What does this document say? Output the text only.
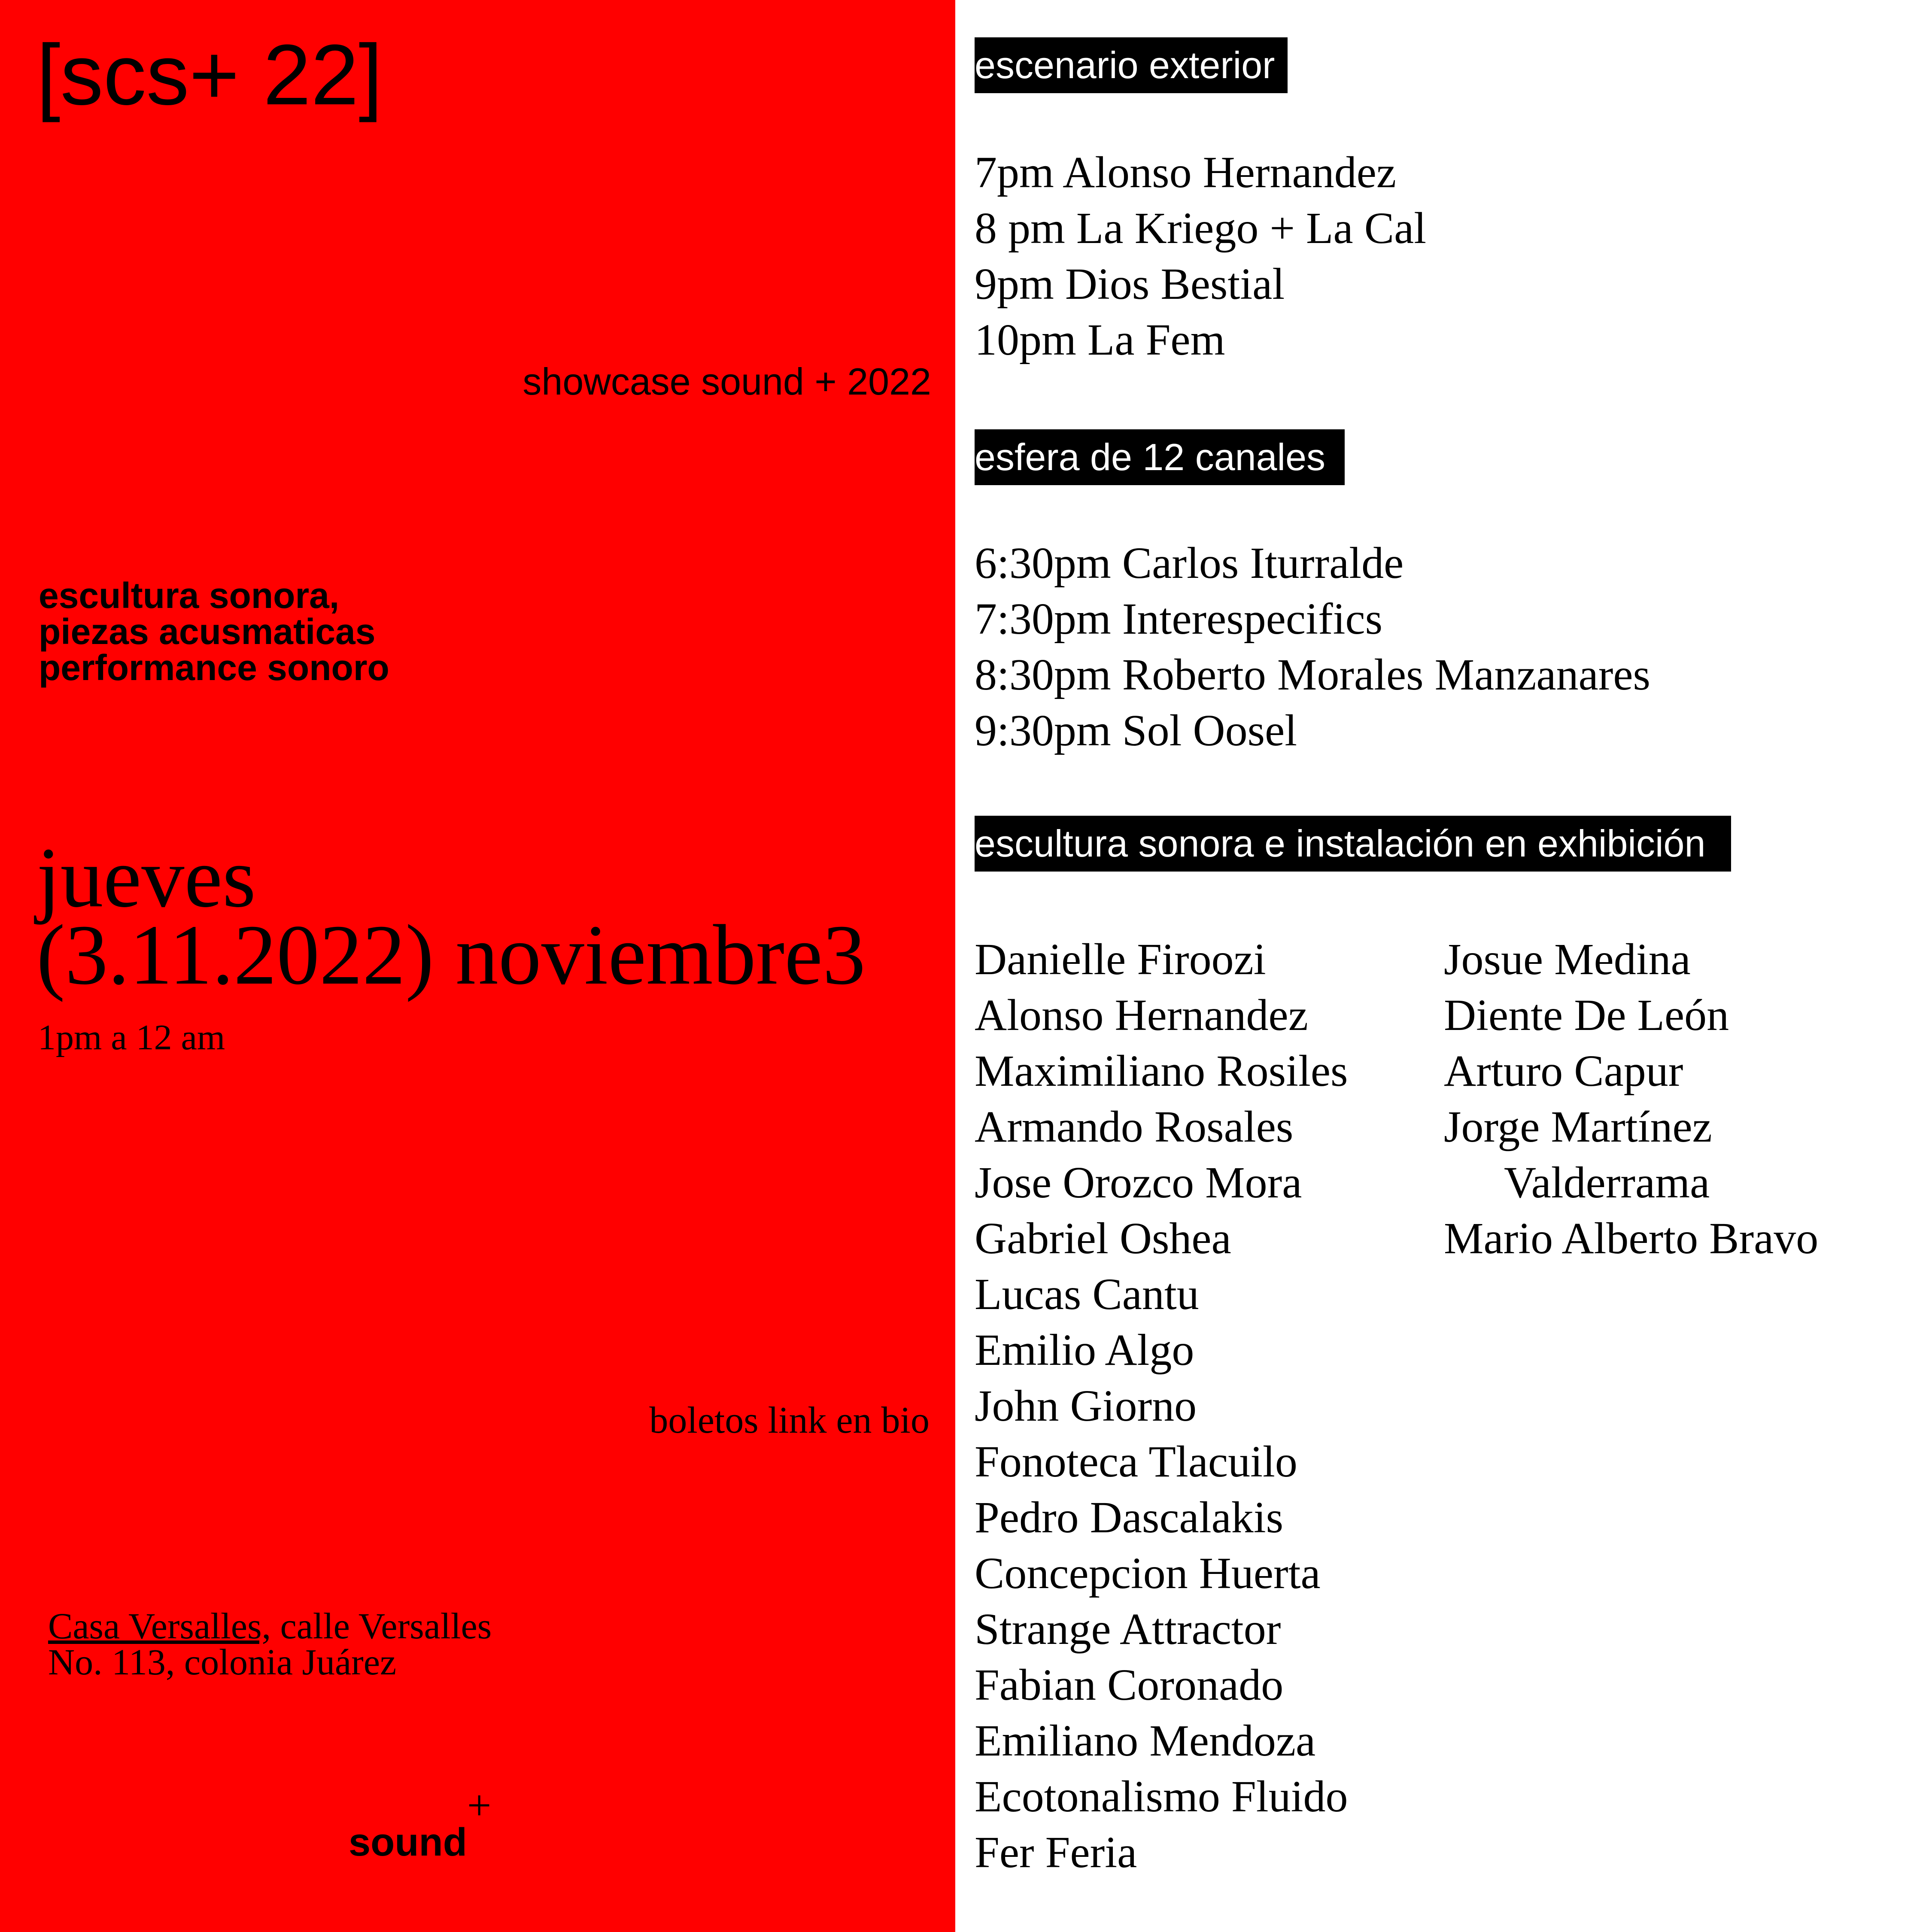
[scs+ 22]
showcase sound + 2022
escultura sonora,
piezas acusmaticas
performance sonoro
jueves
(3.11.2022) noviembre3
1pm a 12 am
boletos link en bio
Casa Versalles, calle Versalles
No. 113, colonia Juárez
sound
+
escenario exterior
7pm Alonso Hernandez
8 pm La Kriego + La Cal
9pm Dios Bestial
10pm La Fem
esfera de 12 canales
6:30pm Carlos Iturralde
7:30pm Interespecifics
8:30pm Roberto Morales Manzanares
9:30pm Sol Oosel
escultura sonora e instalación en exhibición
Danielle Firoozi
Alonso Hernandez
Maximiliano Rosiles
Armando Rosales
Jose Orozco Mora
Gabriel Oshea
Lucas Cantu
Emilio Algo
John Giorno
Fonoteca Tlacuilo
Pedro Dascalakis
Concepcion Huerta
Strange Attractor
Fabian Coronado
Emiliano Mendoza
Ecotonalismo Fluido
Fer Feria
Josue Medina
Diente De León
Arturo Capur
Jorge Martínez
Valderrama
Mario Alberto Bravo
